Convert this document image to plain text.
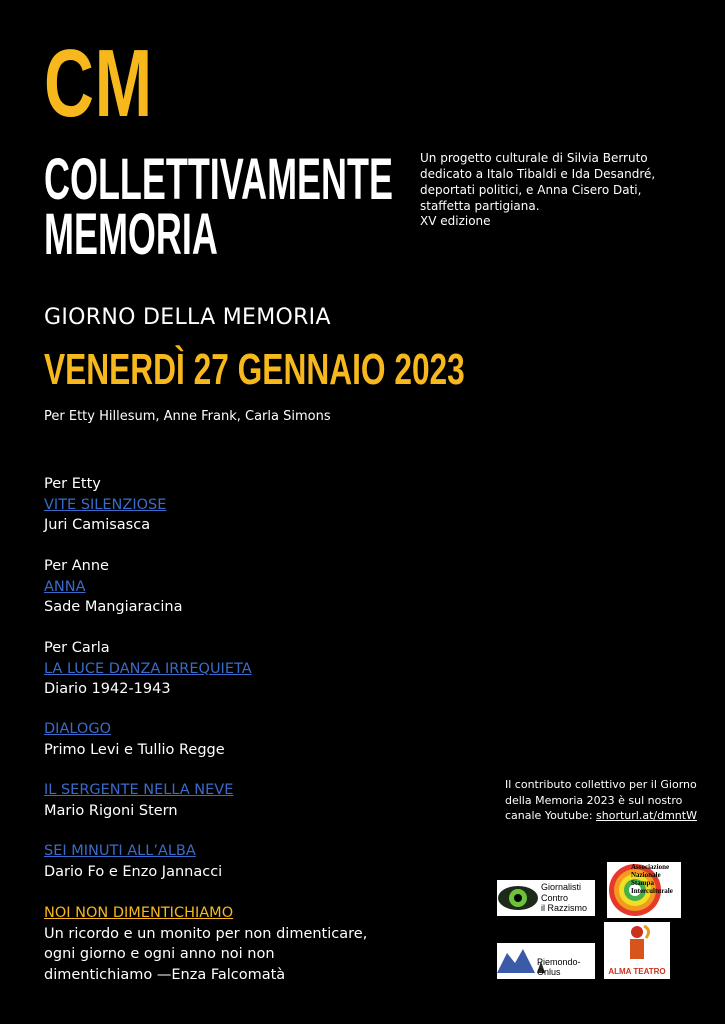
CM
COLLETTIVAMENTE
MEMORIA
Un progetto culturale di Silvia Berruto dedicato a Italo Tibaldi e Ida Desandré, deportati politici, e Anna Cisero Dati, staffetta partigiana.
XV edizione
GIORNO DELLA MEMORIA
VENERDÌ 27 GENNAIO 2023
Per Etty Hillesum, Anne Frank, Carla Simons
Per Etty
VITE SILENZIOSE
Juri Camisasca
Per Anne
ANNA
Sade Mangiaracina
Per Carla
LA LUCE DANZA IRREQUIETA
Diario 1942-1943
DIALOGO
Primo Levi e Tullio Regge
IL SERGENTE NELLA NEVE
Mario Rigoni Stern
SEI MINUTI ALL’ALBA
Dario Fo e Enzo Jannacci
NOI NON DIMENTICHIAMO
Un ricordo e un monito per non dimenticare,
ogni giorno e ogni anno noi non
dimentichiamo —Enza Falcomatà
Il contributo collettivo per il Giorno
della Memoria 2023 è sul nostro
canale Youtube: shorturl.at/dmntW
Giornalisti
Contro
il Razzismo
Associazione
Nazionale
Stampa
Interculturale
Piemondo-Onlus	ALMA TEATRO
